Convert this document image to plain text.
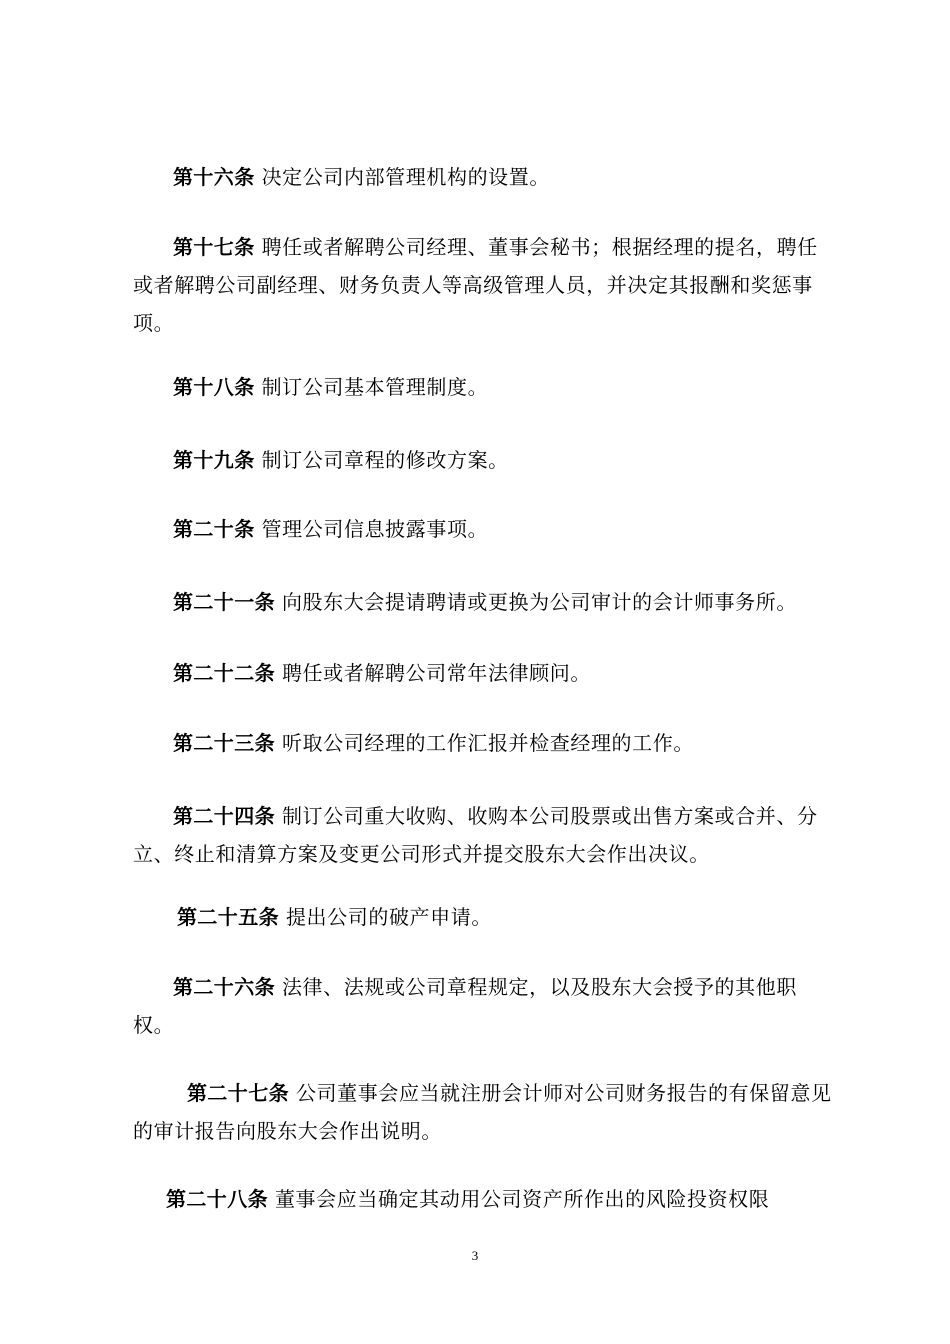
第十六条 决定公司内部管理机构的设置。

第十七条 聘任或者解聘公司经理、董事会秘书；根据经理的提名，聘任或者解聘公司副经理、财务负责人等高级管理人员，并决定其报酬和奖惩事项。

第十八条 制订公司基本管理制度。

第十九条 制订公司章程的修改方案。

第二十条 管理公司信息披露事项。

第二十一条 向股东大会提请聘请或更换为公司审计的会计师事务所。

第二十二条 聘任或者解聘公司常年法律顾问。

第二十三条 听取公司经理的工作汇报并检查经理的工作。

第二十四条 制订公司重大收购、收购本公司股票或出售方案或合并、分立、终止和清算方案及变更公司形式并提交股东大会作出决议。

第二十五条 提出公司的破产申请。

第二十六条 法律、法规或公司章程规定，以及股东大会授予的其他职权。

第二十七条 公司董事会应当就注册会计师对公司财务报告的有保留意见的审计报告向股东大会作出说明。

第二十八条 董事会应当确定其动用公司资产所作出的风险投资权限

3
